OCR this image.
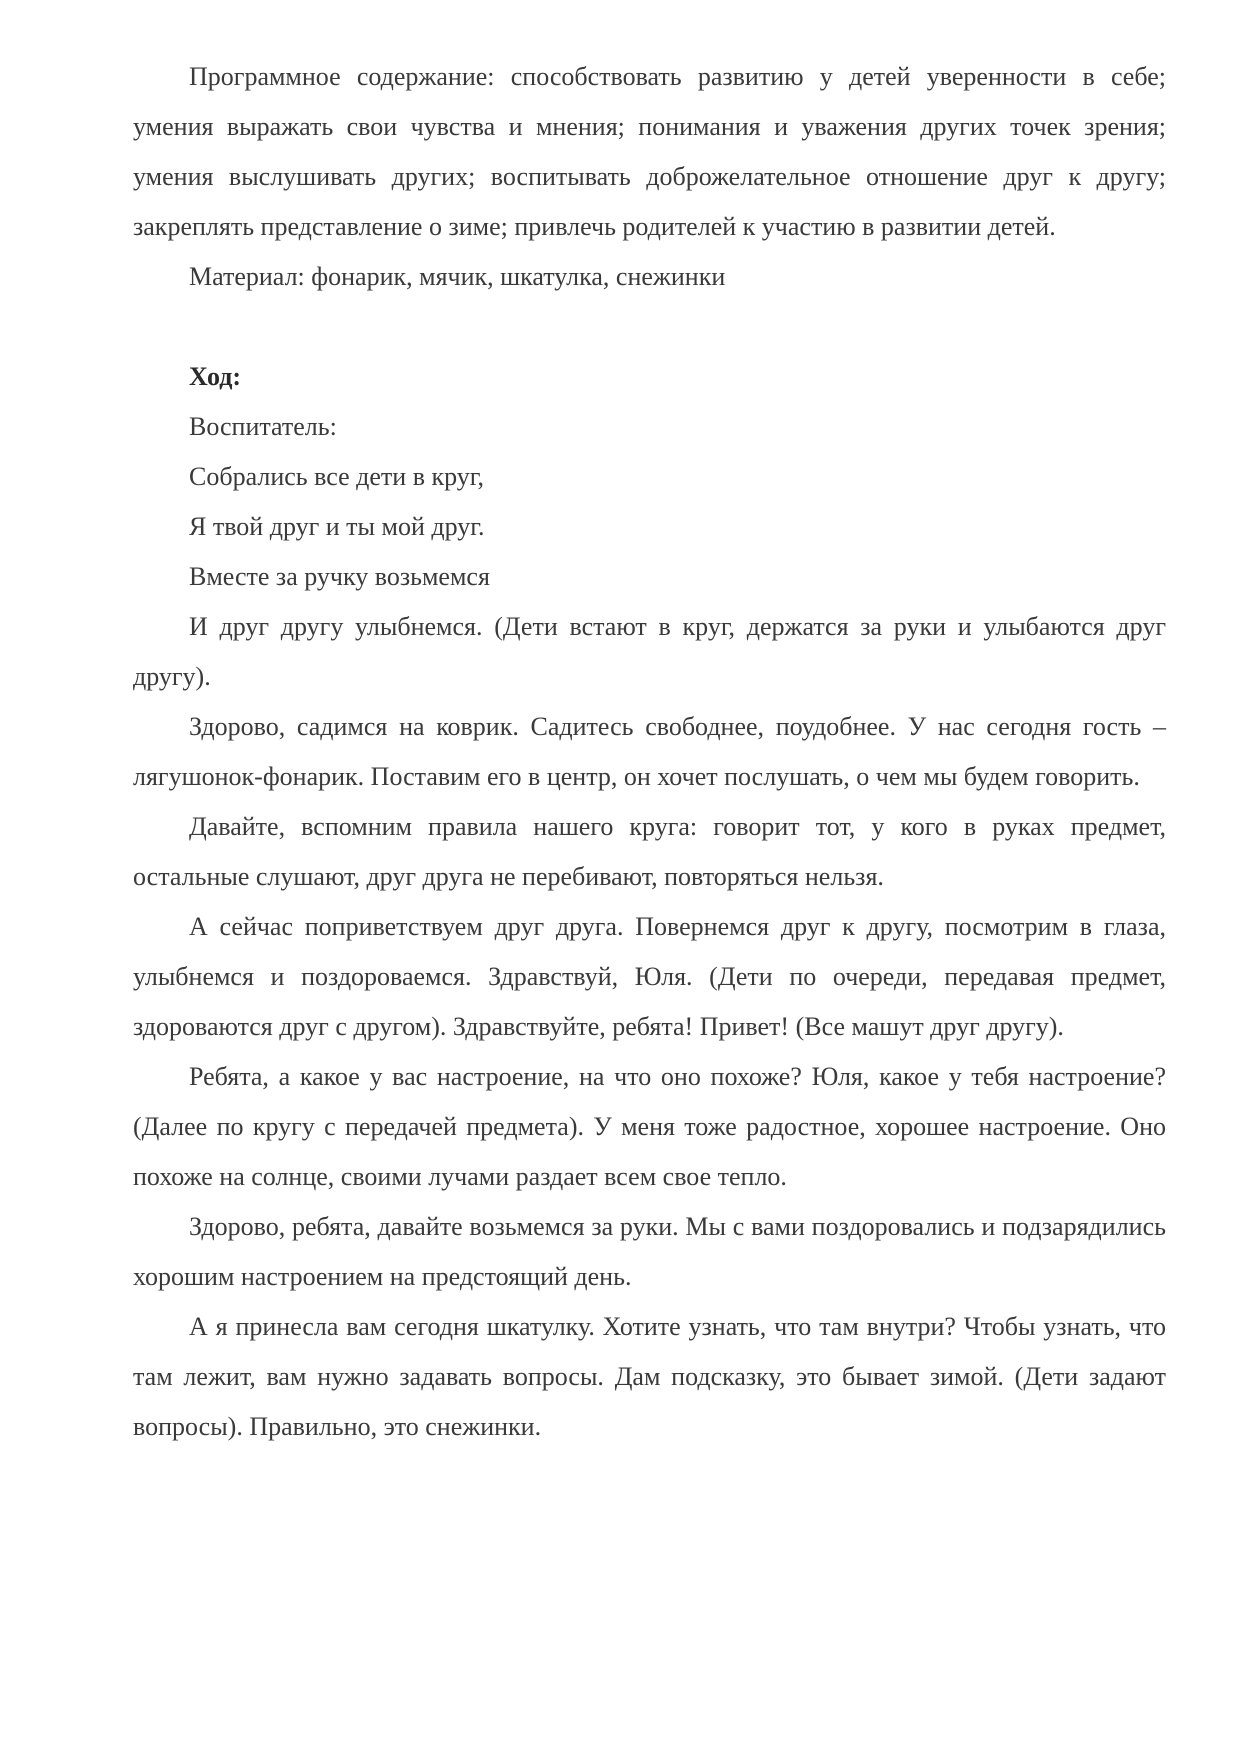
Программное содержание: способствовать развитию у детей уверенности в себе; умения выражать свои чувства и мнения; понимания и уважения других точек зрения; умения выслушивать других; воспитывать доброжелательное отношение друг к другу; закреплять представление о зиме; привлечь родителей к участию в развитии детей.

Материал: фонарик, мячик, шкатулка, снежинки

Ход:

Воспитатель:

Собрались все дети в круг,

Я твой друг и ты мой друг.

Вместе за ручку возьмемся

И друг другу улыбнемся. (Дети встают в круг, держатся за руки и улыбаются друг другу).

Здорово, садимся на коврик. Садитесь свободнее, поудобнее. У нас сегодня гость – лягушонок-фонарик. Поставим его в центр, он хочет послушать, о чем мы будем говорить.

Давайте, вспомним правила нашего круга: говорит тот, у кого в руках предмет, остальные слушают, друг друга не перебивают, повторяться нельзя.

А сейчас поприветствуем друг друга. Повернемся друг к другу, посмотрим в глаза, улыбнемся и поздороваемся. Здравствуй, Юля. (Дети по очереди, передавая предмет, здороваются друг с другом). Здравствуйте, ребята! Привет! (Все машут друг другу).

Ребята, а какое у вас настроение, на что оно похоже? Юля, какое у тебя настроение? (Далее по кругу с передачей предмета). У меня тоже радостное, хорошее настроение. Оно похоже на солнце, своими лучами раздает всем свое тепло.

Здорово, ребята, давайте возьмемся за руки. Мы с вами поздоровались и подзарядились хорошим настроением на предстоящий день.

А я принесла вам сегодня шкатулку. Хотите узнать, что там внутри? Чтобы узнать, что там лежит, вам нужно задавать вопросы. Дам подсказку, это бывает зимой. (Дети задают вопросы). Правильно, это снежинки.
